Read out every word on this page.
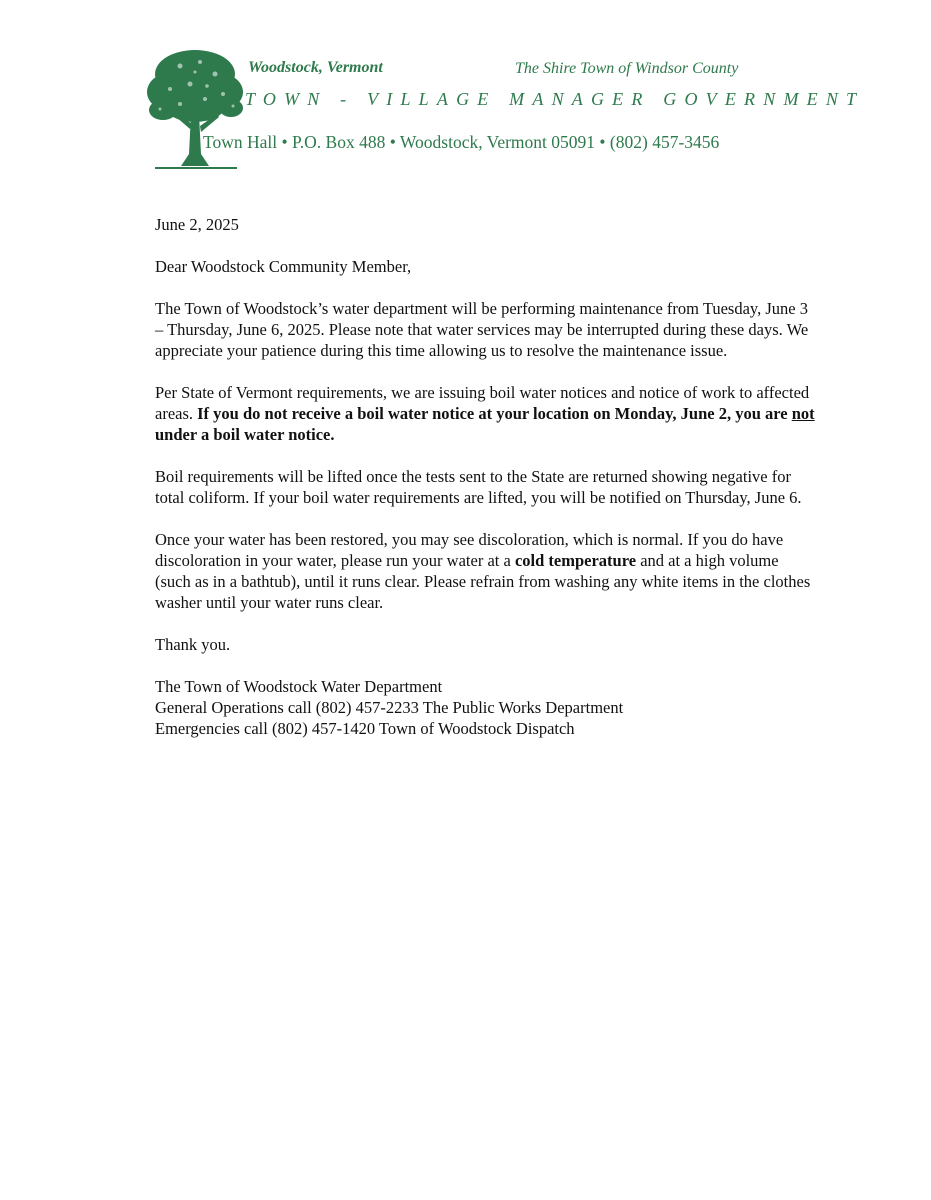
Woodstock, Vermont	The Shire Town of Windsor County
TOWN - VILLAGE MANAGER GOVERNMENT
Town Hall • P.O. Box 488 • Woodstock, Vermont 05091 • (802) 457-3456

June 2, 2025

Dear Woodstock Community Member,

The Town of Woodstock’s water department will be performing maintenance from Tuesday, June 3 – Thursday, June 6, 2025. Please note that water services may be interrupted during these days. We appreciate your patience during this time allowing us to resolve the maintenance issue.

Per State of Vermont requirements, we are issuing boil water notices and notice of work to affected areas. If you do not receive a boil water notice at your location on Monday, June 2, you are not under a boil water notice.

Boil requirements will be lifted once the tests sent to the State are returned showing negative for total coliform. If your boil water requirements are lifted, you will be notified on Thursday, June 6.

Once your water has been restored, you may see discoloration, which is normal. If you do have discoloration in your water, please run your water at a cold temperature and at a high volume (such as in a bathtub), until it runs clear. Please refrain from washing any white items in the clothes washer until your water runs clear.

Thank you.

The Town of Woodstock Water Department
General Operations call (802) 457-2233 The Public Works Department
Emergencies call (802) 457-1420 Town of Woodstock Dispatch
